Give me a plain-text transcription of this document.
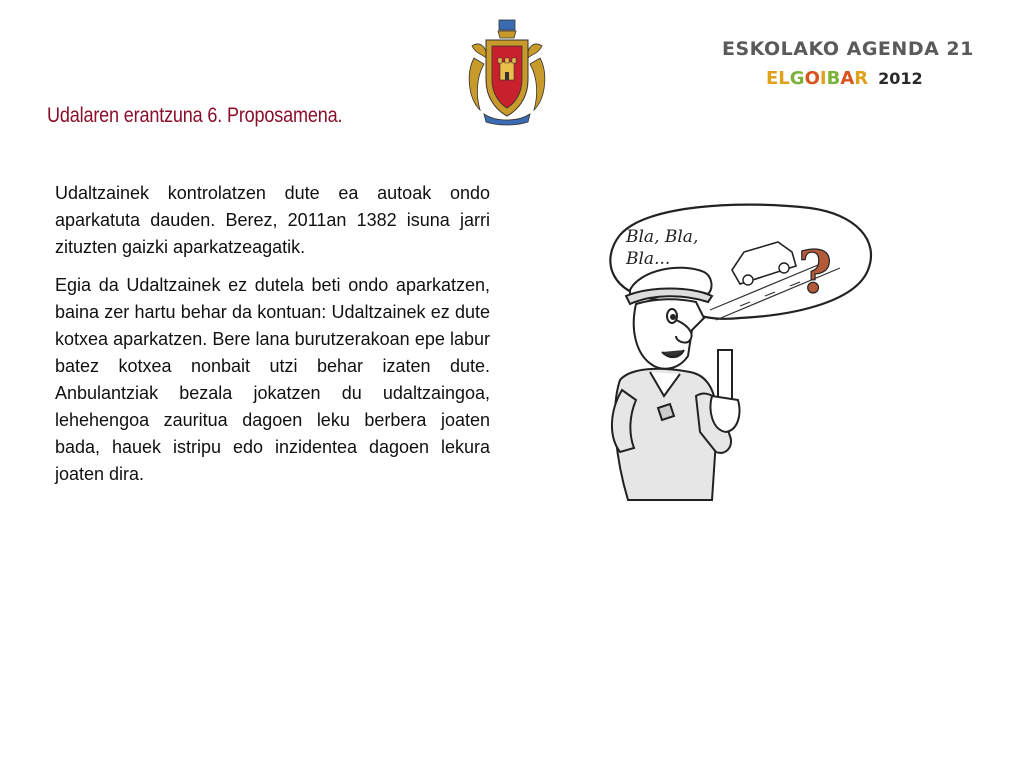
Udalaren erantzuna 6. Proposamena.
ESKOLAKO AGENDA 21
ELGOIBAR 2012

Udaltzainek kontrolatzen dute ea autoak ondo aparkatuta dauden. Berez, 2011an 1382 isuna jarri zituzten gaizki aparkatzeagatik.

Egia da Udaltzainek ez dutela beti ondo aparkatzen, baina zer hartu behar da kontuan: Udaltzainek ez dute kotxea aparkatzen. Bere lana burutzerakoan epe labur batez kotxea nonbait utzi behar izaten dute. Anbulantziak bezala jokatzen du udaltzaingoa, lehehengoa zauritua dagoen leku berbera joaten bada, hauek istripu edo inzidentea dagoen lekura joaten dira.

Bla, Bla,
Bla... ?
